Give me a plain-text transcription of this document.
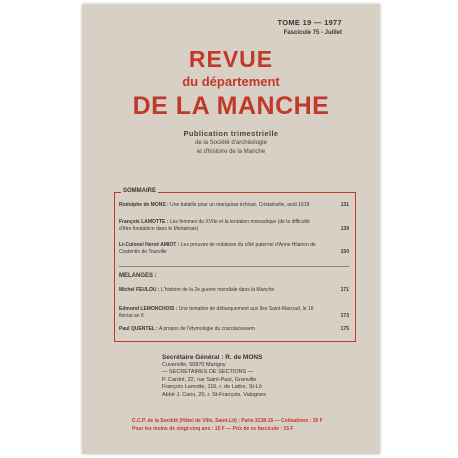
TOME 19 — 1977
Fascicule 75 - Juillet
REVUE
du département
DE LA MANCHE
Publication trimestrielle
de la Société d'archéologie
et d'histoire de la Manche
SOMMAIRE
Rodolphe de MONS : Une bataille pour un marquisat échoué, Cristainville, août 1618	131
François LAMOTTE : Les femmes du XVIIe et la tentation monastique (de la difficulté d'être fondatrice dans le Mortainais)	139
Lt-Colonel Hervé AMIOT : Les preuves de noblesse du côté paternel d'Anne Hilarion de Costentin de Tourville	150
MELANGES :
Michel FEULOU : L'histoire de la 2e guerre mondiale dans la Manche	171
Edmond LEMONCHOIS : Une tentative de débarquement aux îles Saint-Marcouf, le 16 floréal an 6	173
Paul QUENTEL : A propos de l'étymologie du cracolacessem	175
Secrétaire Général : R. de MONS
Cuverville, 50870 Marigny
— SECRETAIRES DE SECTIONS —
P. Cardot, 22, rue Saint-Paul, Granville
François Lamotte, 116, r. de Lattre, St-Lô
Abbé J. Canu, 20, r. St-François, Valognes
C.C.P. de la Société (Hôtel de Ville, Saint-Lô) : Paris 3138-15 — Cotisations : 35 F
Pour les moins de vingt-cinq ans : 15 F — Prix de ce fascicule : 15 F
